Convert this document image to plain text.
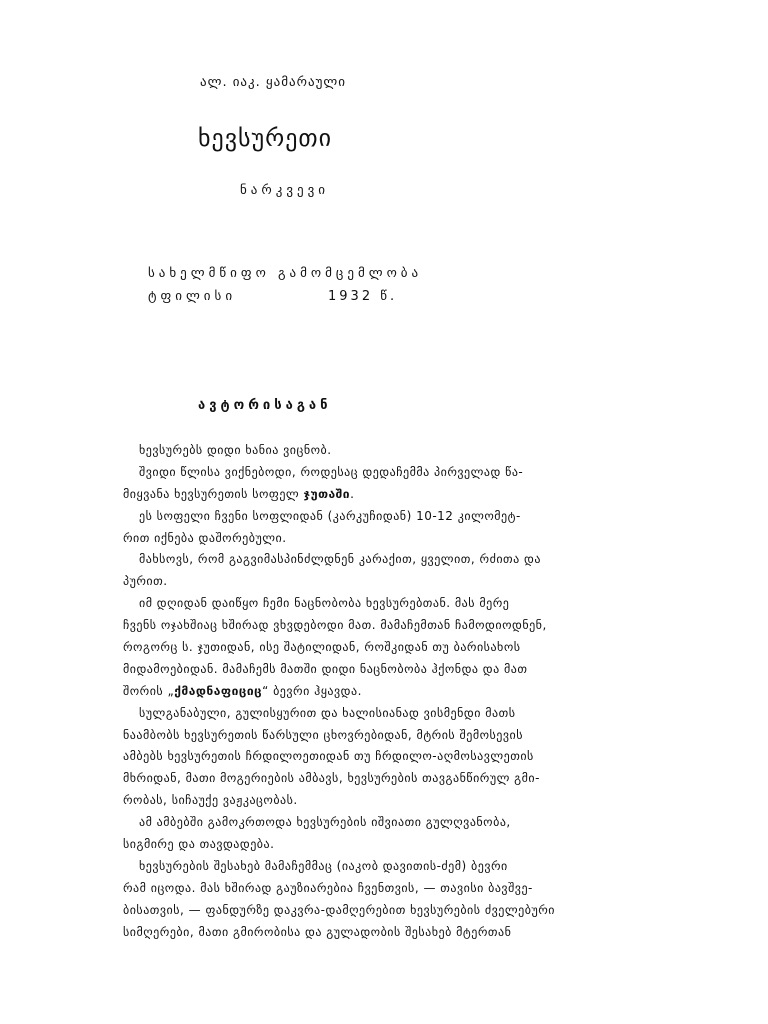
ალ. იაკ. ყამარაული
ხევსურეთი
ნარკვევი
სახელმწიფო გამომცემლობა
ტფილისი	1932 წ.
ავტორისაგან
ხევსურებს დიდი ხანია ვიცნობ.
შვიდი წლისა ვიქნებოდი, როდესაც დედაჩემმა პირველად წა-
მიყვანა ხევსურეთის სოფელ ჯუთაში.
ეს სოფელი ჩვენი სოფლიდან (კარკუჩიდან) 10-12 კილომეტ-
რით იქნება დაშორებული.
მახსოვს, რომ გაგვიმასპინძლდნენ კარაქით, ყველით, რძითა და
პურით.
იმ დღიდან დაიწყო ჩემი ნაცნობობა ხევსურებთან. მას მერე
ჩვენს ოჯახშიაც ხშირად ვხვდებოდი მათ. მამაჩემთან ჩამოდიოდნენ,
როგორც ს. ჯუთიდან, ისე შატილიდან, როშკიდან თუ ბარისახოს
მიდამოებიდან. მამაჩემს მათში დიდი ნაცნობობა ჰქონდა და მათ
შორის „ქმადნაფიციც“ ბევრი ჰყავდა.
სულგანაბული, გულისყურით და ხალისიანად ვისმენდი მათს
ნაამბობს ხევსურეთის წარსული ცხოვრებიდან, მტრის შემოსევის
ამბებს ხევსურეთის ჩრდილოეთიდან თუ ჩრდილო-აღმოსავლეთის
მხრიდან, მათი მოგერიების ამბავს, ხევსურების თავგანწირულ გმი-
რობას, სიჩაუქე ვაჟკაცობას.
ამ ამბებში გამოკრთოდა ხევსურების იშვიათი გულღვანობა,
სიგმირე და თავდადება.
ხევსურების შესახებ მამაჩემმაც (იაკობ დავითის-ძემ) ბევრი
რამ იცოდა. მას ხშირად გაუზიარებია ჩვენთვის, — თავისი ბავშვე-
ბისათვის, — ფანდურზე დაკვრა-დამღერებით ხევსურების ძველებური
სიმღერები, მათი გმირობისა და გულადობის შესახებ მტერთან
